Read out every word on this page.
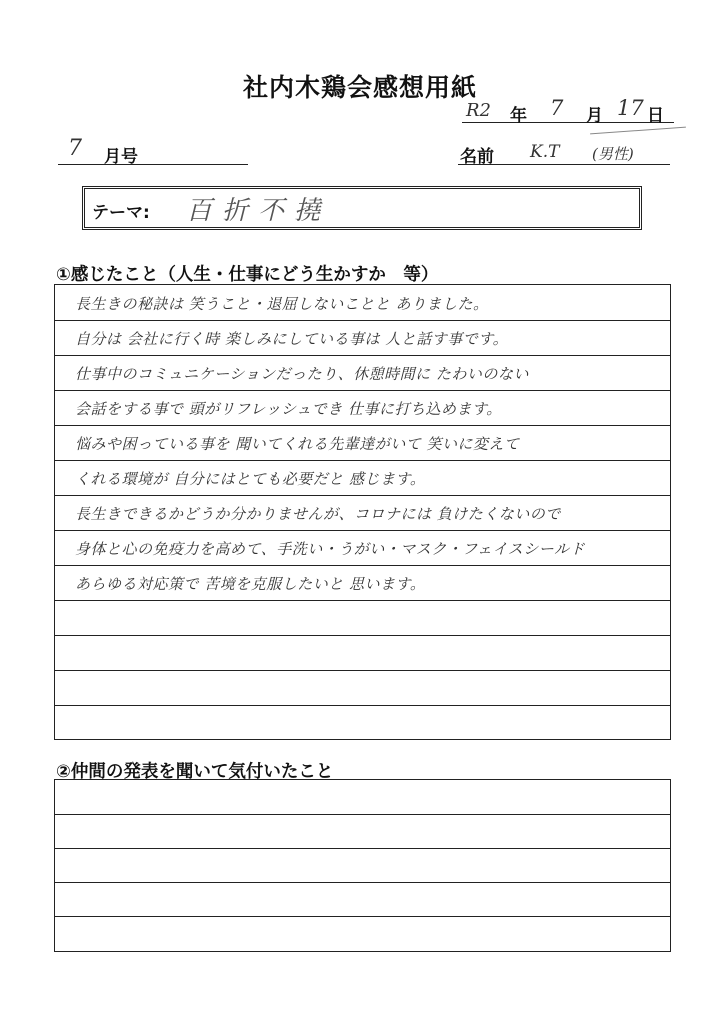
社内木鶏会感想用紙
R2 年 7 月 17 日
7 月号	名前 K.T (男性)
テーマ: 百折不撓
①感じたこと（人生・仕事にどう生かすか　等）
長生きの秘訣は 笑うこと・退屈しないことと ありました。
自分は 会社に行く時 楽しみにしている事は 人と話す事です。
仕事中のコミュニケーションだったり、休憩時間に たわいのない
会話をする事で 頭がリフレッシュでき 仕事に打ち込めます。
悩みや困っている事を 聞いてくれる先輩達がいて 笑いに変えて
くれる環境が 自分にはとても必要だと 感じます。
長生きできるかどうか分かりませんが、コロナには 負けたくないので
身体と心の免疫力を高めて、手洗い・うがい・マスク・フェイスシールド
あらゆる対応策で 苦境を克服したいと 思います。
②仲間の発表を聞いて気付いたこと
